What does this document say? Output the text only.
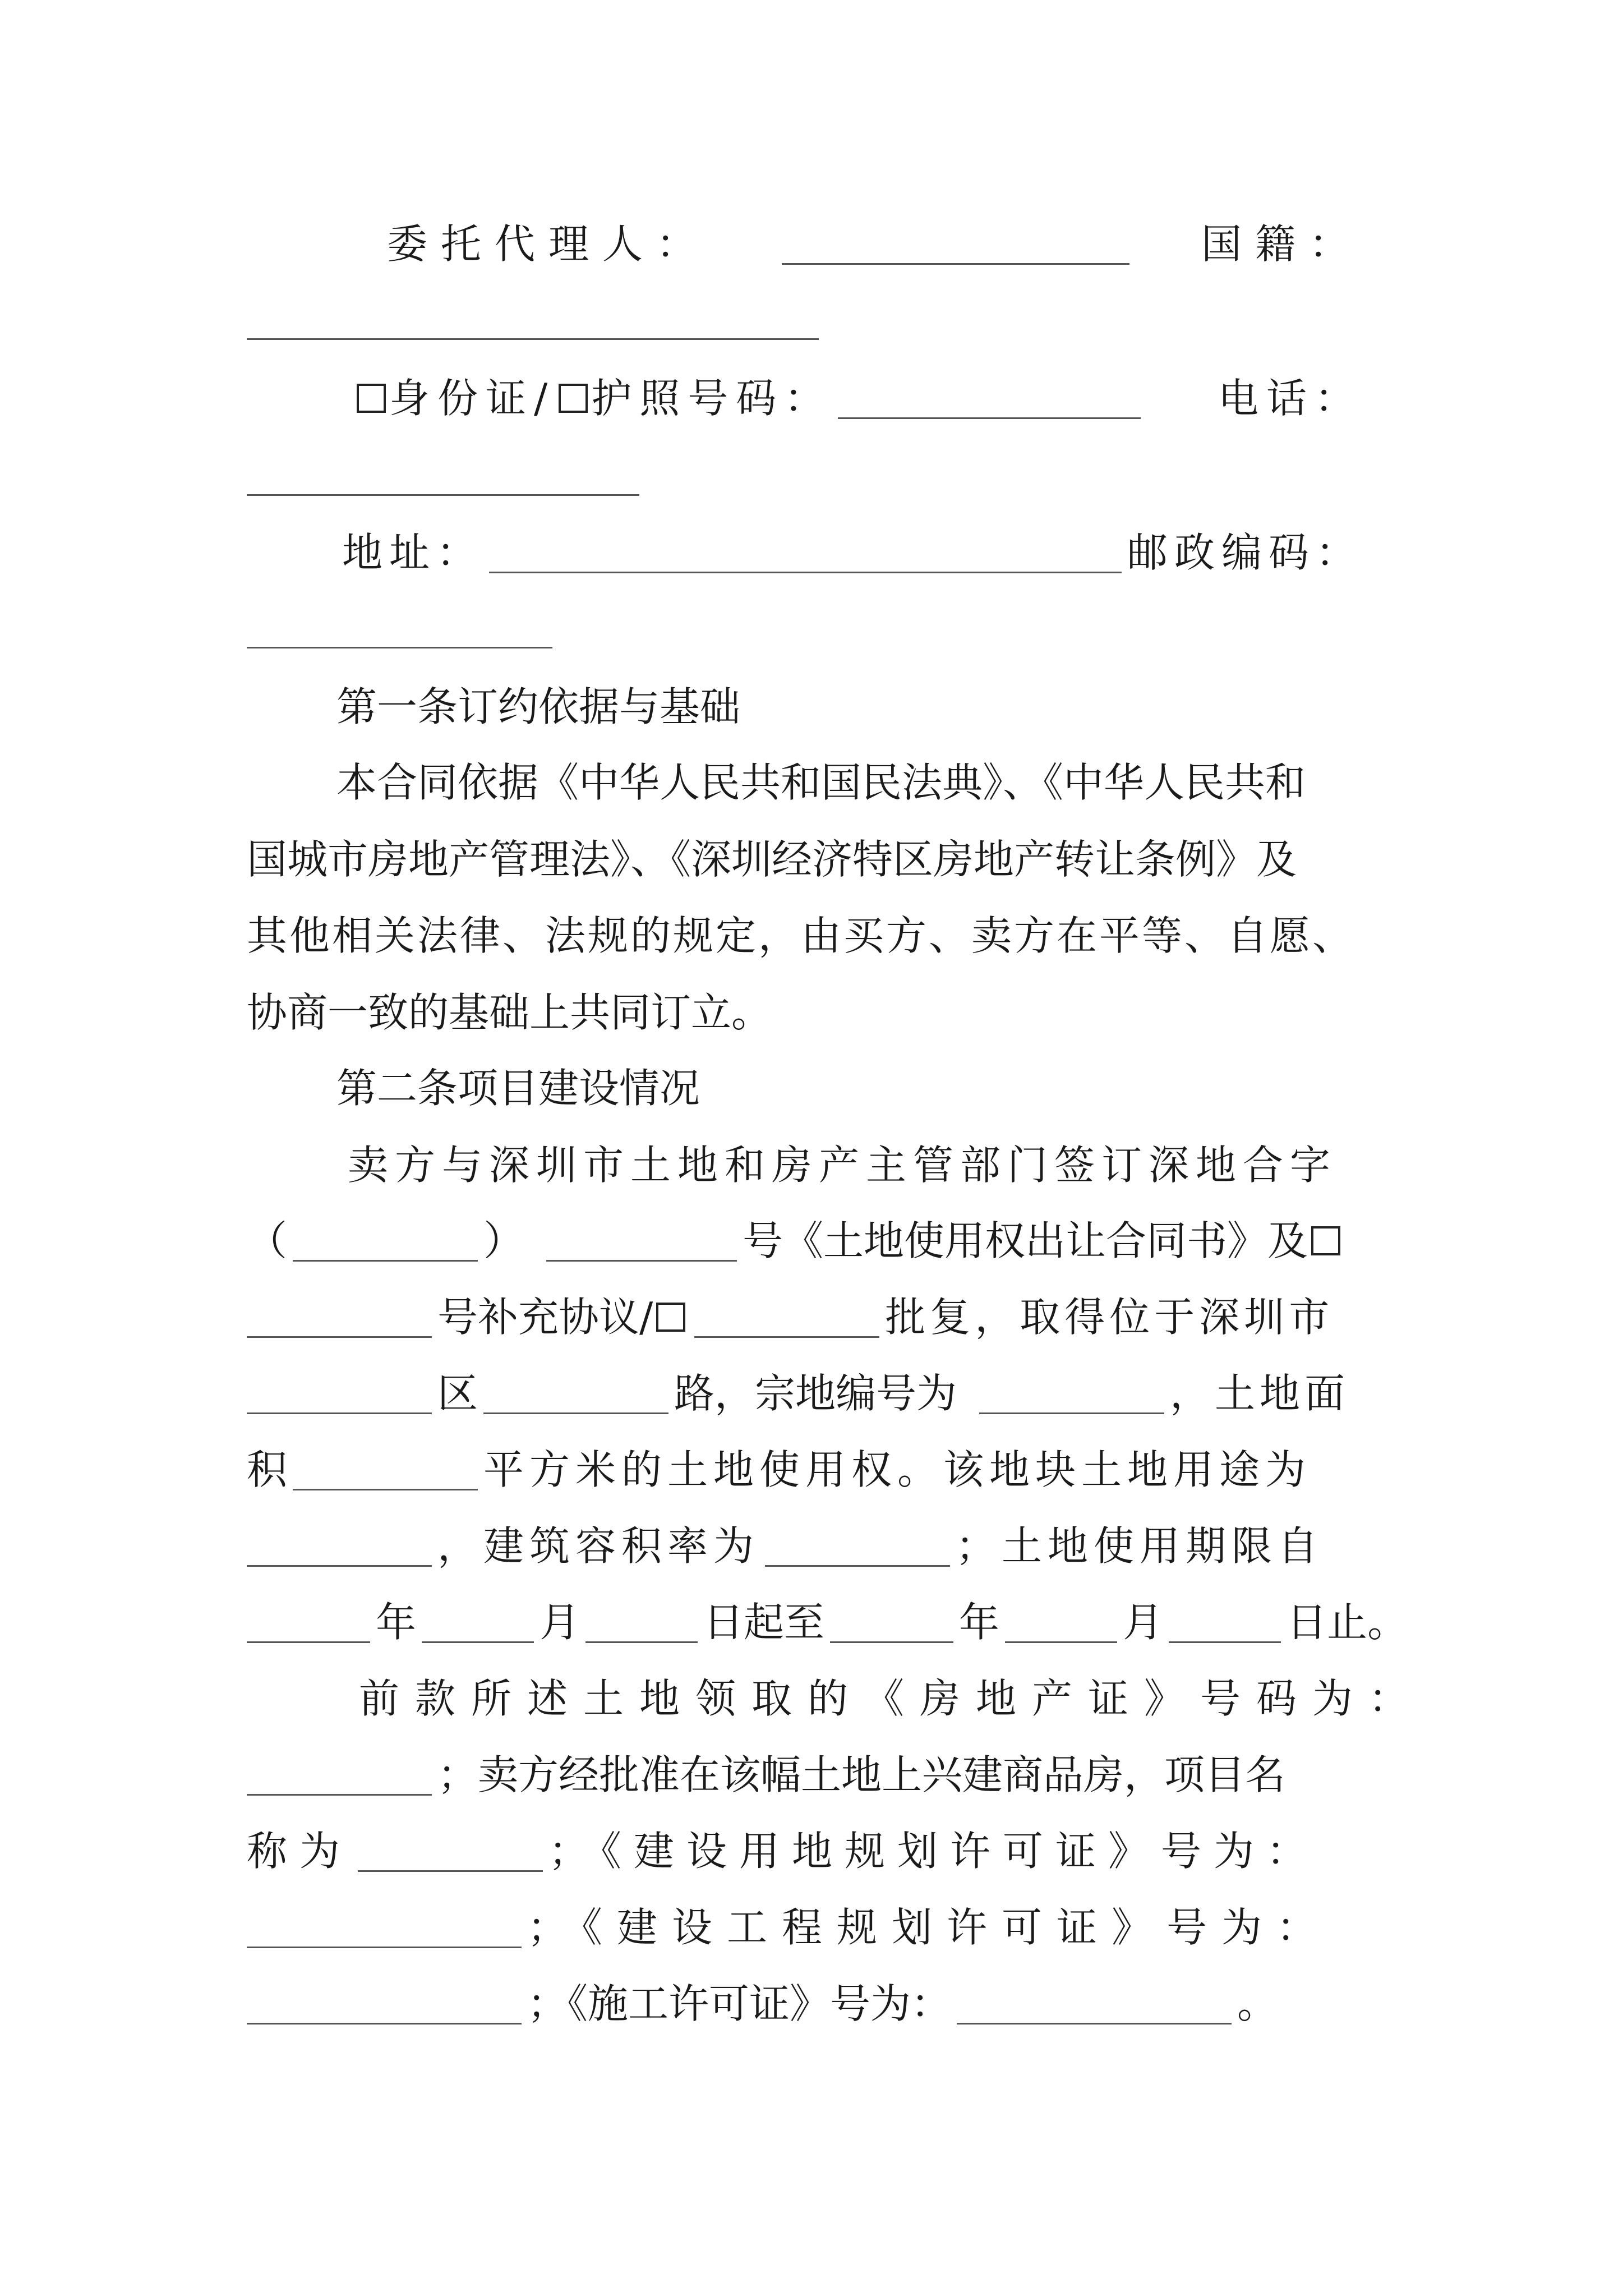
委托代理人：	国籍：
身份证/ 护照号码：	电话：
地址：	邮政编码：
第一条订约依据与基础
本合同依据《中华人民共和国民法典》、《中华人民共和
国城市房地产管理法》、《深圳经济特区房地产转让条例》及
其他相关法律、法规的规定，由买方、卖方在平等、自愿、
协商一致的基础上共同订立。
第二条项目建设情况
卖方与深圳市土地和房产主管部门签订深地合字
（	）	号《土地使用权出让合同书》及
号补充协议/	批复，取得位于深圳市
区	路，宗地编号为	，土地面
积	平方米的土地使用权。该地块土地用途为
，建筑容积率为	；土地使用期限自
年	月	日起至	年	月	日止。
前款所述土地领取的《房地产证》号码为：
；卖方经批准在该幅土地上兴建商品房，项目名
称为	；《建设用地规划许可证》号为：
；《建设工程规划许可证》号为：
；《施工许可证》号为：	。
